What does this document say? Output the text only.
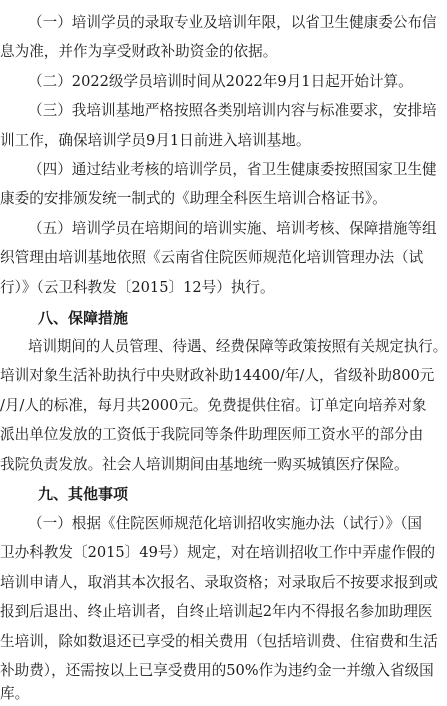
（一）培训学员的录取专业及培训年限，以省卫生健康委公布信
息为准，并作为享受财政补助资金的依据。
（二）2022级学员培训时间从2022年9月1日起开始计算。
（三）我培训基地严格按照各类别培训内容与标准要求，安排培
训工作，确保培训学员9月1日前进入培训基地。
（四）通过结业考核的培训学员，省卫生健康委按照国家卫生健
康委的安排颁发统一制式的《助理全科医生培训合格证书》。
（五）培训学员在培期间的培训实施、培训考核、保障措施等组
织管理由培训基地依照《云南省住院医师规范化培训管理办法（试
行）》（云卫科教发〔2015〕12号）执行。
八、保障措施
培训期间的人员管理、待遇、经费保障等政策按照有关规定执行。
培训对象生活补助执行中央财政补助14400/年/人，省级补助800元
/月/人的标准，每月共2000元。免费提供住宿。订单定向培养对象
派出单位发放的工资低于我院同等条件助理医师工资水平的部分由
我院负责发放。社会人培训期间由基地统一购买城镇医疗保险。
九、其他事项
（一）根据《住院医师规范化培训招收实施办法（试行）》（国
卫办科教发〔2015〕49号）规定，对在培训招收工作中弄虚作假的
培训申请人，取消其本次报名、录取资格；对录取后不按要求报到或
报到后退出、终止培训者，自终止培训起2年内不得报名参加助理医
生培训，除如数退还已享受的相关费用（包括培训费、住宿费和生活
补助费），还需按以上已享受费用的50%作为违约金一并缴入省级国
库。
